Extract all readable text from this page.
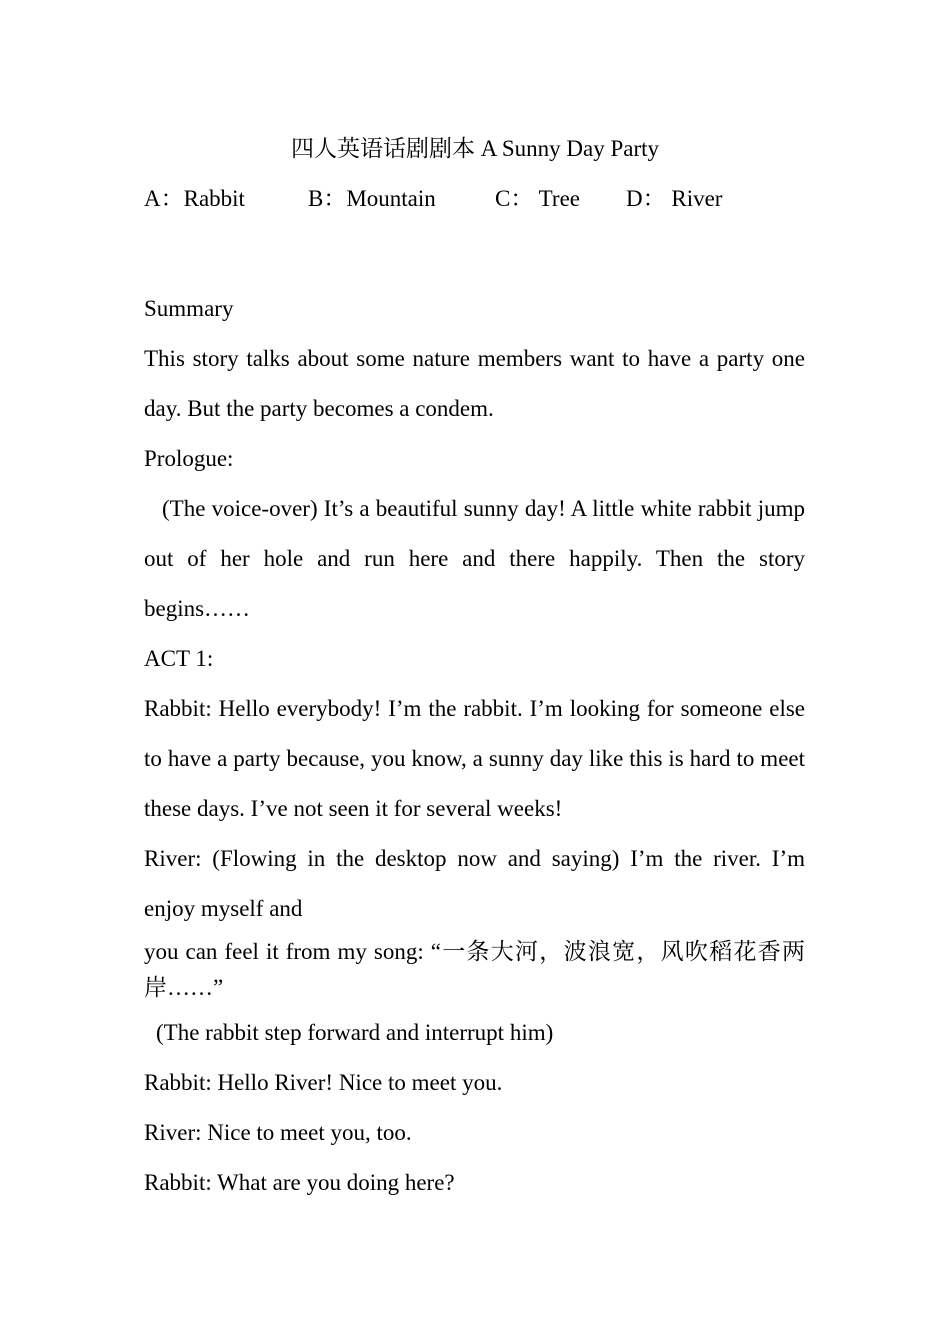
四人英语话剧剧本 A Sunny Day Party
A：Rabbit	B：Mountain	C： Tree D： River

Summary

This story talks about some nature members want to have a party one day. But the party becomes a condem.

Prologue:

(The voice-over) It’s a beautiful sunny day! A little white rabbit jump out of her hole and run here and there happily. Then the story begins……

ACT 1:

Rabbit: Hello everybody! I’m the rabbit. I’m looking for someone else to have a party because, you know, a sunny day like this is hard to meet these days. I’ve not seen it for several weeks!

River: (Flowing in the desktop now and saying) I’m the river. I’m enjoy myself and

you can feel it from my song: “一条大河，波浪宽，风吹稻花香两岸……”

(The rabbit step forward and interrupt him)

Rabbit: Hello River! Nice to meet you.

River: Nice to meet you, too.

Rabbit: What are you doing here?
